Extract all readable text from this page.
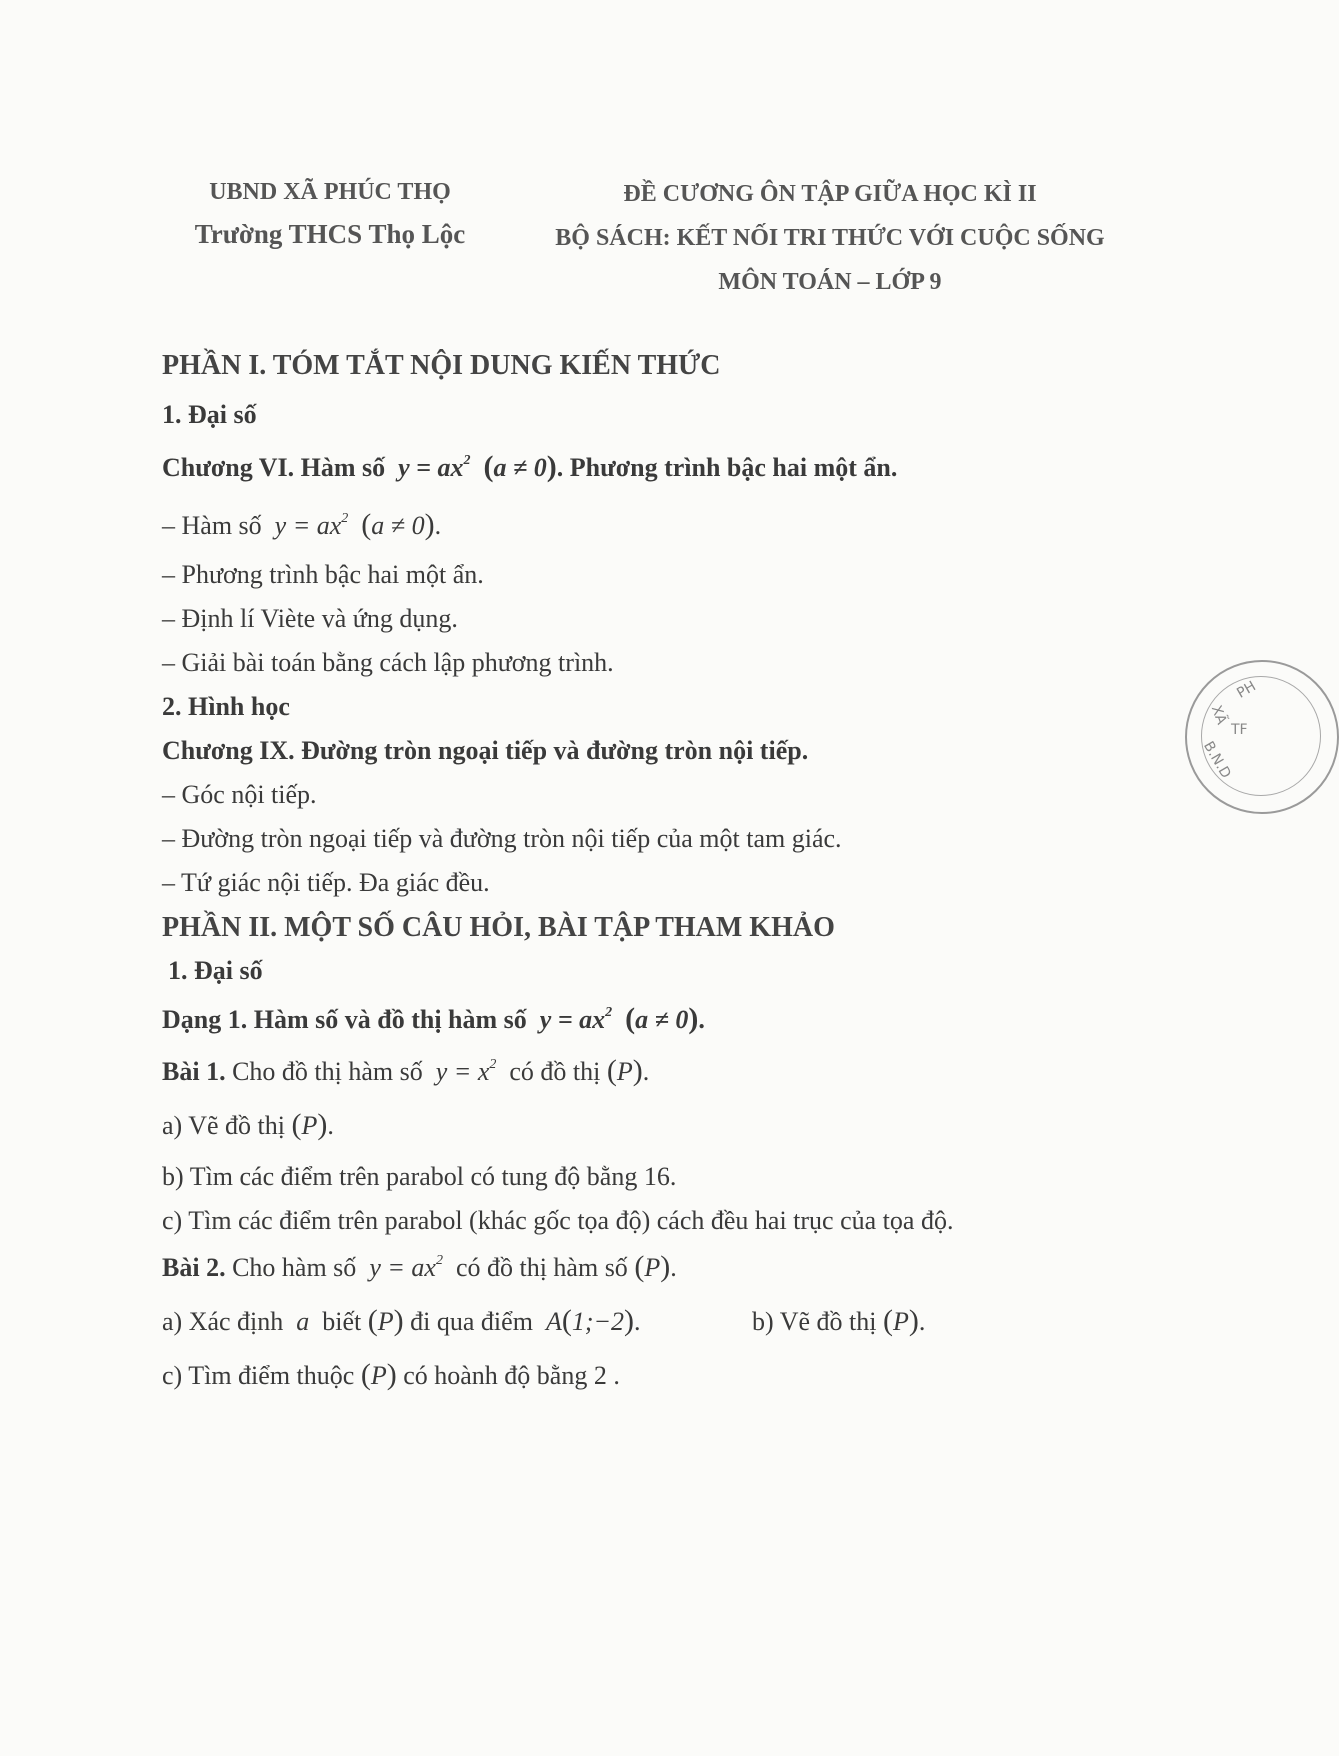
UBND XÃ PHÚC THỌ
Trường THCS Thọ Lộc
ĐỀ CƯƠNG ÔN TẬP GIỮA HỌC KÌ II
BỘ SÁCH: KẾT NỐI TRI THỨC VỚI CUỘC SỐNG
MÔN TOÁN – LỚP 9
PHẦN I. TÓM TẮT NỘI DUNG KIẾN THỨC
1. Đại số
Chương VI. Hàm số  $y = ax^2$ (a ≠ 0). Phương trình bậc hai một ẩn.
– Hàm số  $y = ax^2$ (a ≠ 0).
– Phương trình bậc hai một ẩn.
– Định lí Viète và ứng dụng.
– Giải bài toán bằng cách lập phương trình.
2. Hình học
Chương IX. Đường tròn ngoại tiếp và đường tròn nội tiếp.
– Góc nội tiếp.
– Đường tròn ngoại tiếp và đường tròn nội tiếp của một tam giác.
– Tứ giác nội tiếp. Đa giác đều.
PHẦN II. MỘT SỐ CÂU HỎI, BÀI TẬP THAM KHẢO
1. Đại số
Dạng 1. Hàm số và đồ thị hàm số  $y = ax^2$ (a ≠ 0).
Bài 1. Cho đồ thị hàm số  $y = x^2$ có đồ thị (P).
a) Vẽ đồ thị (P).
b) Tìm các điểm trên parabol có tung độ bằng 16.
c) Tìm các điểm trên parabol (khác gốc tọa độ) cách đều hai trục của tọa độ.
Bài 2. Cho hàm số  $y = ax^2$ có đồ thị hàm số (P).
a) Xác định  a  biết (P) đi qua điểm  A(1;−2).	b) Vẽ đồ thị (P).
c) Tìm điểm thuộc (P) có hoành độ bằng 2 .
PH
XÃ
TF
B.N.D
